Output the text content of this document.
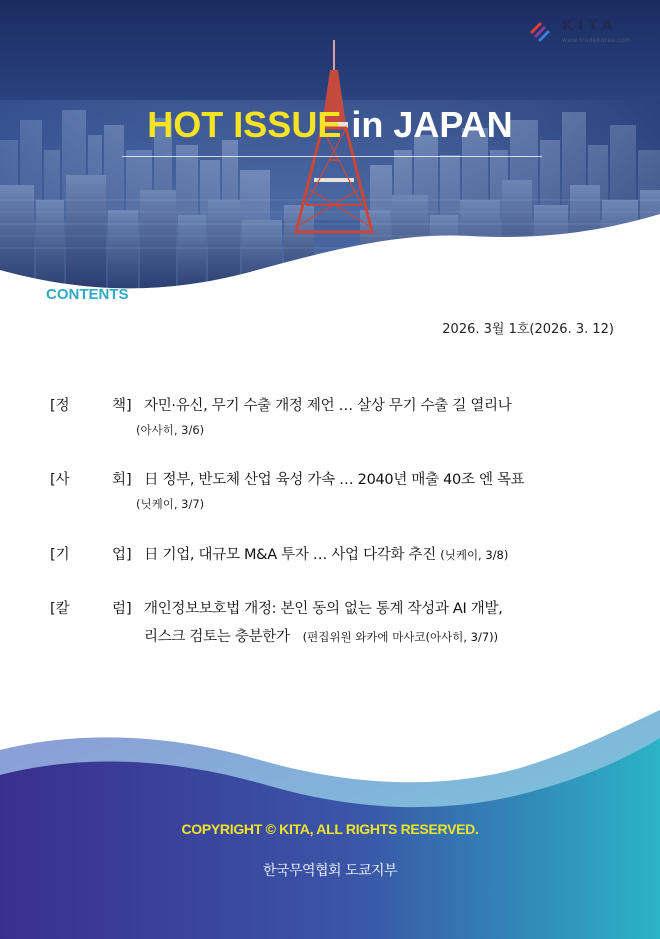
KITA
www.tradeKorea.com
HOT ISSUE in JAPAN
CONTENTS
2026. 3월 1호(2026. 3. 12)
[정	책] 자민·유신, 무기 수출 개정 제언 … 살상 무기 수출 길 열리나
(아사히, 3/6)
[사	회] 日 정부, 반도체 산업 육성 가속 … 2040년 매출 40조 엔 목표
(닛케이, 3/7)
[기	업] 日 기업, 대규모 M&A 투자 … 사업 다각화 추진 (닛케이, 3/8)
[칼	럼] 개인정보보호법 개정: 본인 동의 없는 통계 작성과 AI 개발,
리스크 검토는 충분한가 (편집위원 와카에 마사코(아사히, 3/7))
COPYRIGHT © KITA, ALL RIGHTS RESERVED.
한국무역협회 도쿄지부
